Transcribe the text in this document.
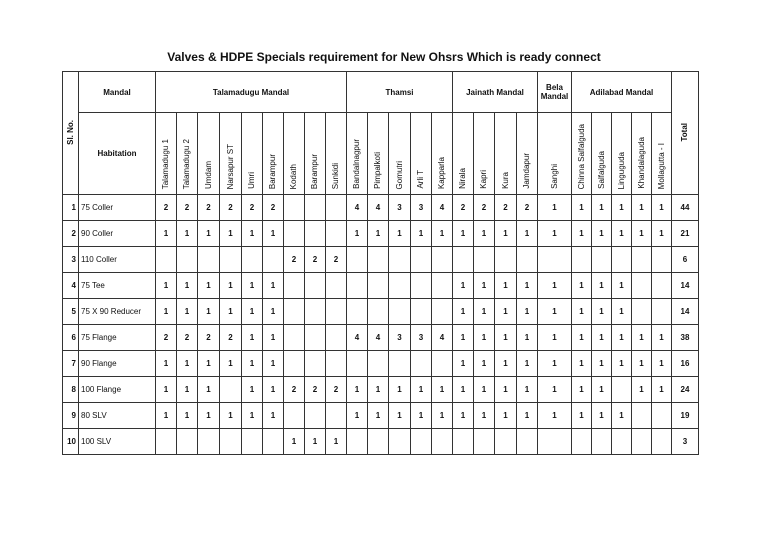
Valves & HDPE Specials requirement for New Ohsrs Which is ready connect
Sl. No.	Mandal	Talamadugu Mandal									Thamsi					Jainath Mandal				Bela
Mandal	Adilabad Mandal					Total
	Habitation	Talamadugu 1	Talamadugu 2	Umdam	Narsapur ST	Umri	Barampur	Kodath	Barampur	Sunkidi	Bandalnagpur	Pimpalkoti	Gomutri	Arli T	Kapparla	Nirala	Kapri	Kura	Jamdapur	Sanghi	Chinna Salfalguda	Salfalguda	Linguguda	Khandalaguda	Mollagutta - I	
1	75 Coller	2	2	2	2	2	2				4	4	3	3	4	2	2	2	2	1	1	1	1	1	1	44
2	90 Coller	1	1	1	1	1	1				1	1	1	1	1	1	1	1	1	1	1	1	1	1	1	21
3	110 Coller							2	2	2																6
4	75 Tee	1	1	1	1	1	1									1	1	1	1	1	1	1	1			14
5	75 X 90 Reducer	1	1	1	1	1	1									1	1	1	1	1	1	1	1			14
6	75 Flange	2	2	2	2	1	1				4	4	3	3	4	1	1	1	1	1	1	1	1	1	1	38
7	90 Flange	1	1	1	1	1	1									1	1	1	1	1	1	1	1	1	1	16
8	100 Flange	1	1	1		1	1	2	2	2	1	1	1	1	1	1	1	1	1	1	1	1		1	1	24
9	80 SLV	1	1	1	1	1	1				1	1	1	1	1	1	1	1	1	1	1	1	1			19
10	100 SLV							1	1	1																3
